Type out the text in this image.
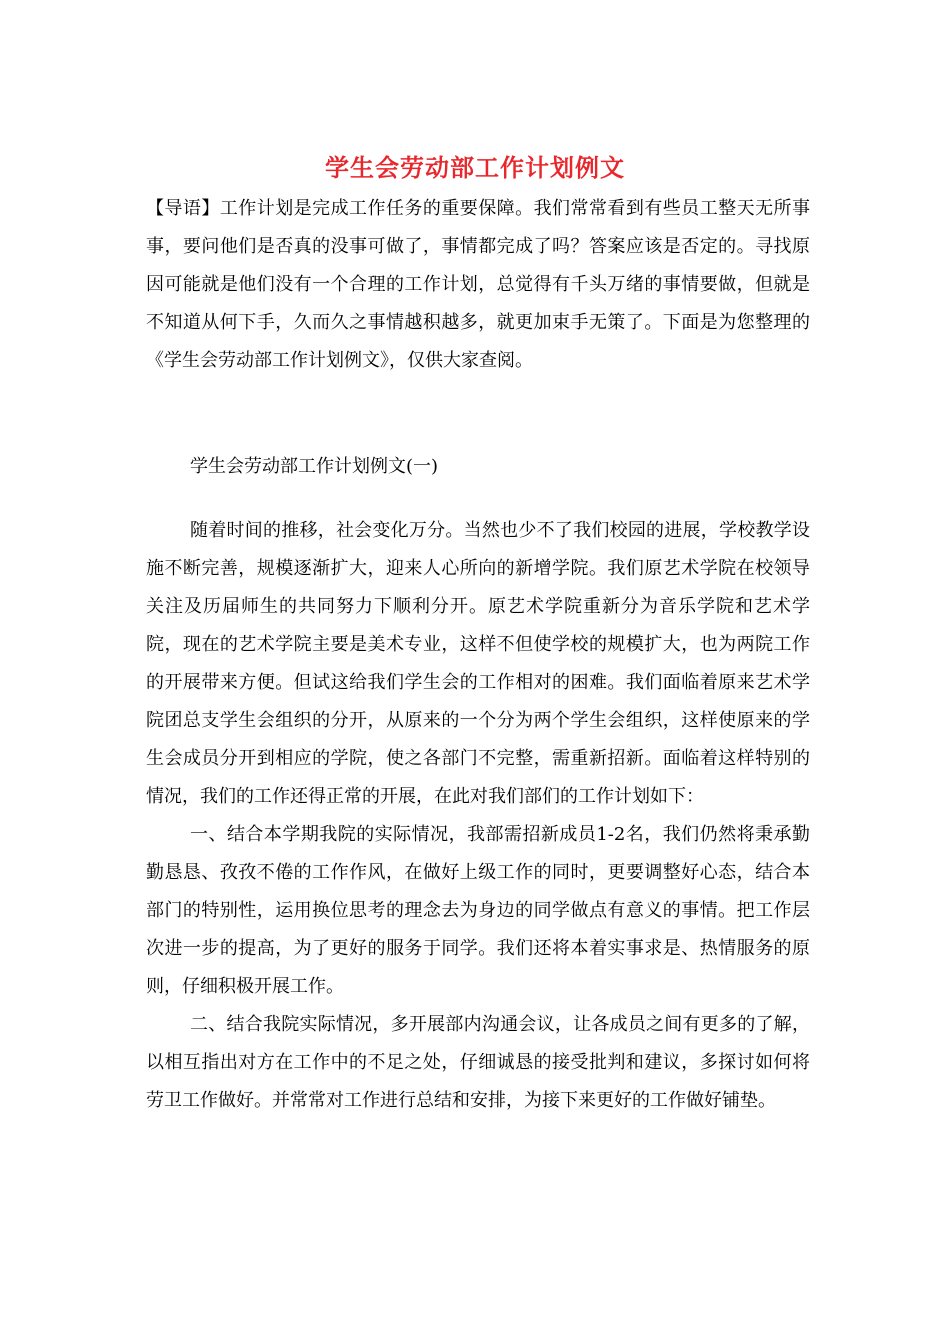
学生会劳动部工作计划例文
【导语】工作计划是完成工作任务的重要保障。我们常常看到有些员工整天无所事事，要问他们是否真的没事可做了，事情都完成了吗？答案应该是否定的。寻找原因可能就是他们没有一个合理的工作计划，总觉得有千头万绪的事情要做，但就是不知道从何下手，久而久之事情越积越多，就更加束手无策了。下面是为您整理的《学生会劳动部工作计划例文》，仅供大家查阅。
学生会劳动部工作计划例文(一)

随着时间的推移，社会变化万分。当然也少不了我们校园的进展，学校教学设施不断完善，规模逐渐扩大，迎来人心所向的新增学院。我们原艺术学院在校领导关注及历届师生的共同努力下顺利分开。原艺术学院重新分为音乐学院和艺术学院，现在的艺术学院主要是美术专业，这样不但使学校的规模扩大，也为两院工作的开展带来方便。但试这给我们学生会的工作相对的困难。我们面临着原来艺术学院团总支学生会组织的分开，从原来的一个分为两个学生会组织，这样使原来的学生会成员分开到相应的学院，使之各部门不完整，需重新招新。面临着这样特别的情况，我们的工作还得正常的开展，在此对我们部们的工作计划如下：

一、结合本学期我院的实际情况，我部需招新成员1-2名，我们仍然将秉承勤勤恳恳、孜孜不倦的工作作风，在做好上级工作的同时，更要调整好心态，结合本部门的特别性，运用换位思考的理念去为身边的同学做点有意义的事情。把工作层次进一步的提高，为了更好的服务于同学。我们还将本着实事求是、热情服务的原则，仔细积极开展工作。

二、结合我院实际情况，多开展部内沟通会议，让各成员之间有更多的了解，以相互指出对方在工作中的不足之处，仔细诚恳的接受批判和建议，多探讨如何将劳卫工作做好。并常常对工作进行总结和安排，为接下来更好的工作做好铺垫。
